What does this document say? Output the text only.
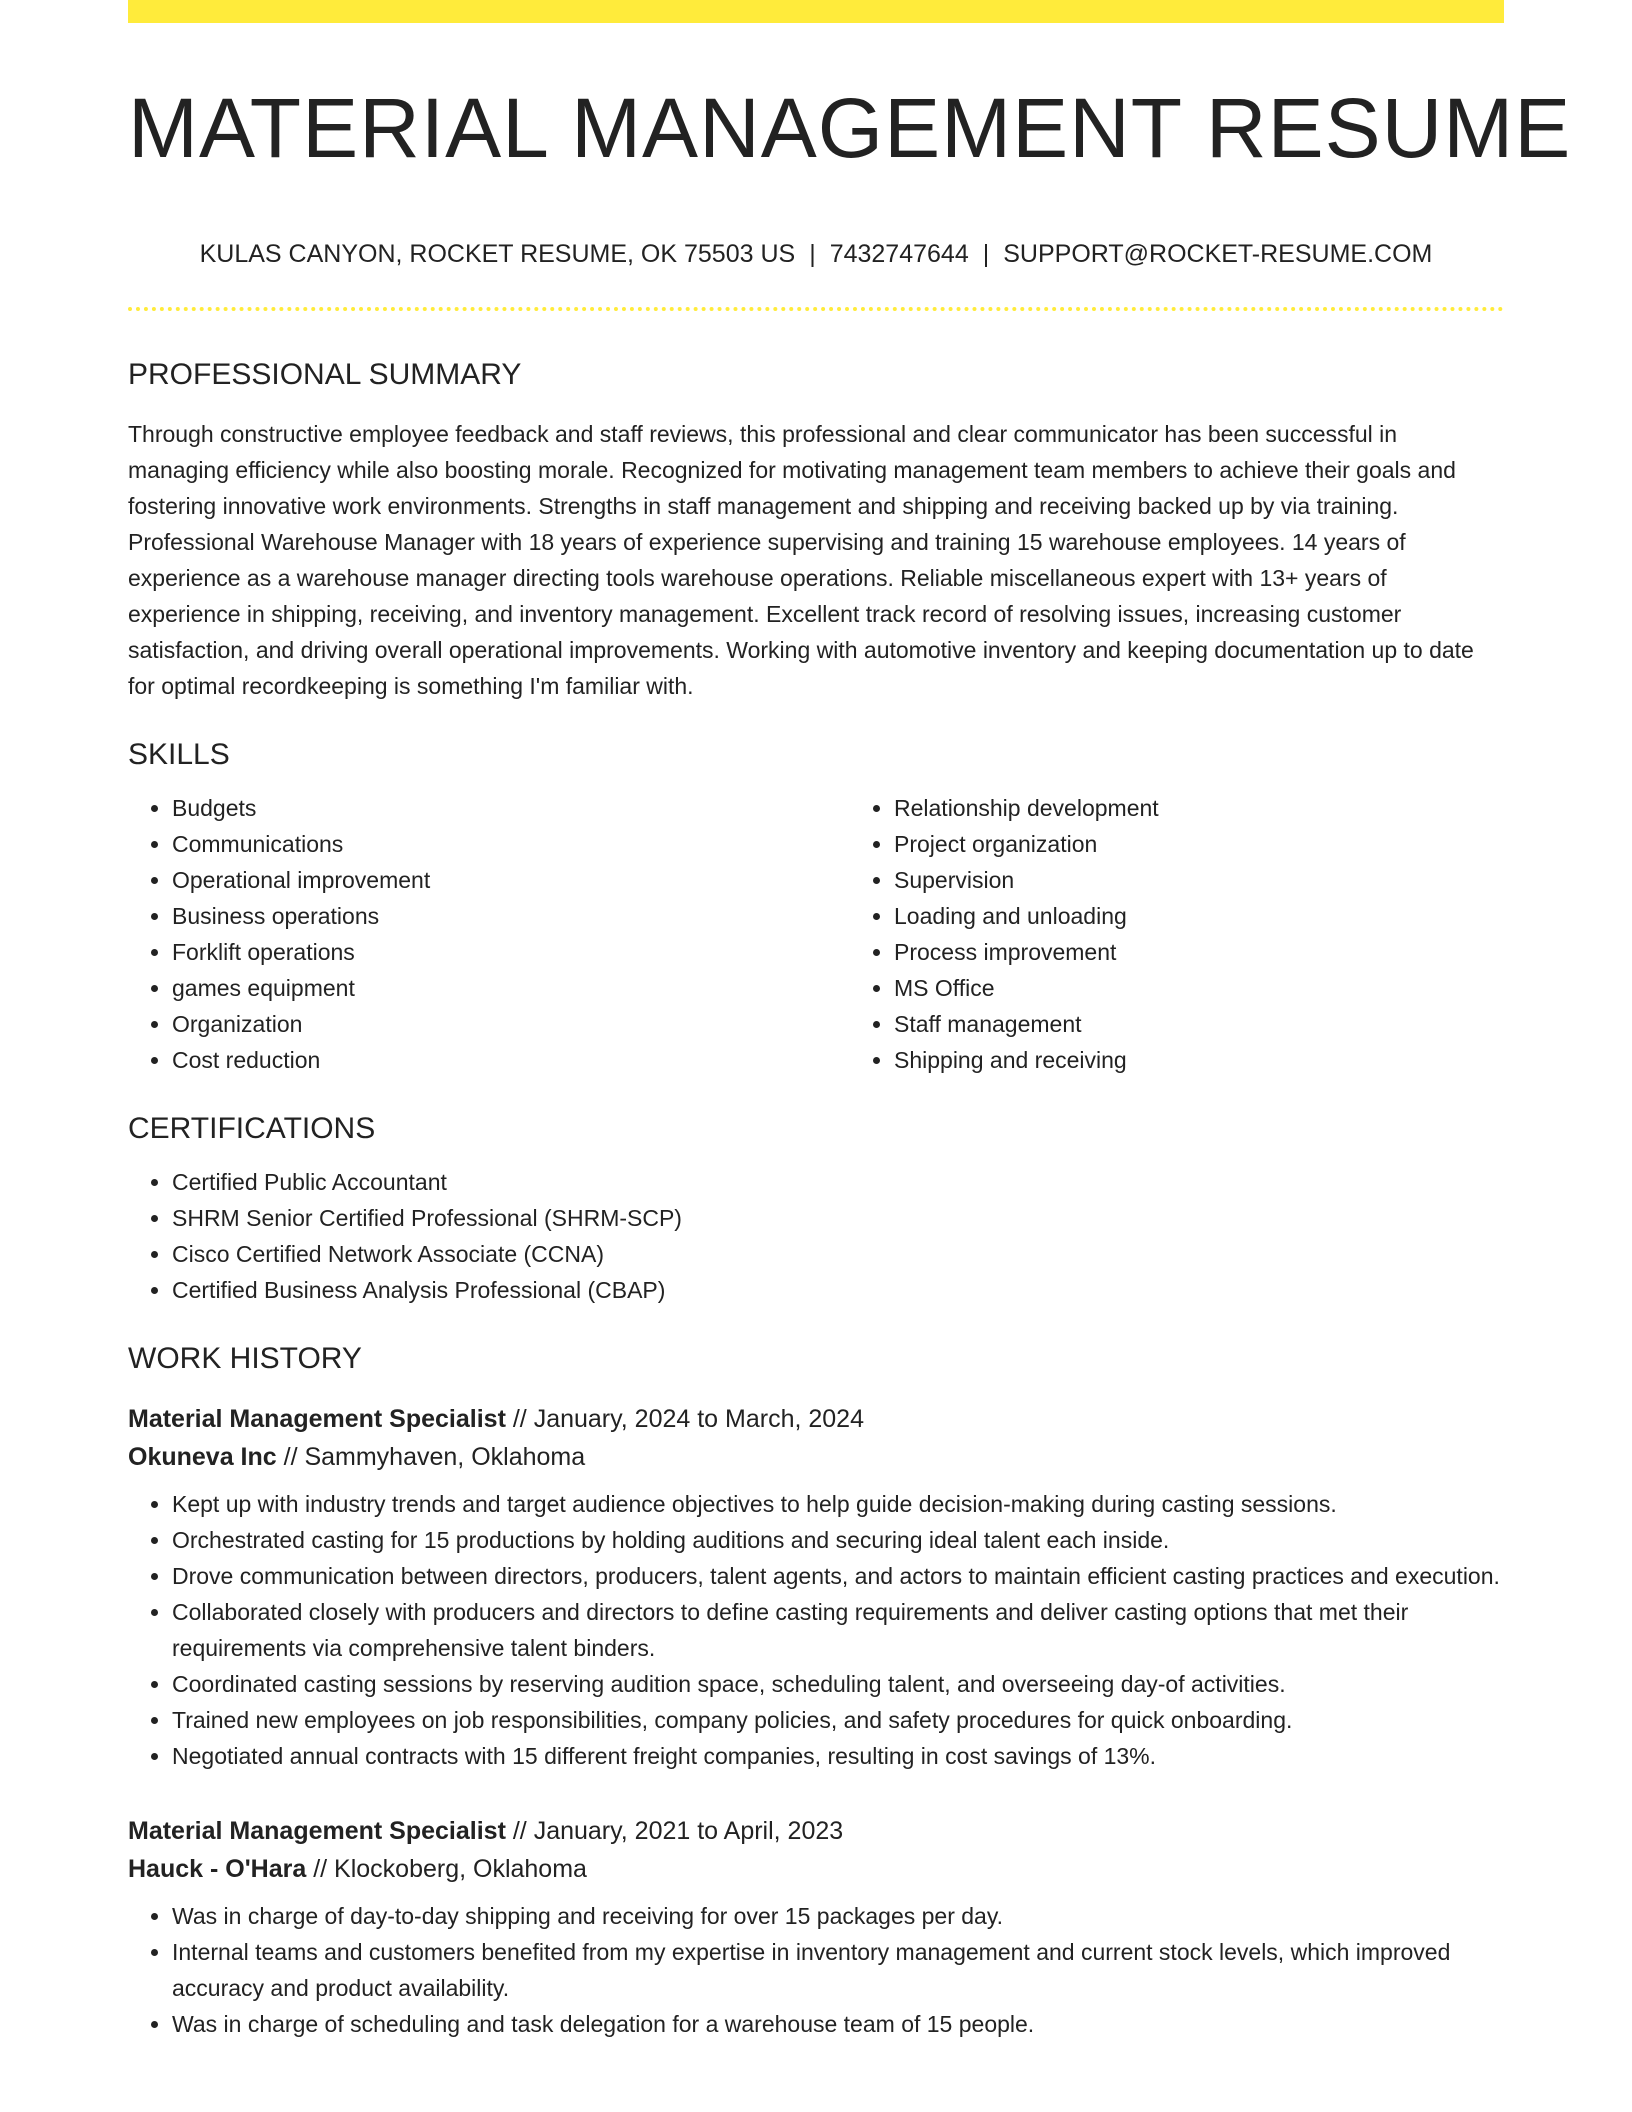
MATERIAL MANAGEMENT RESUME
KULAS CANYON, ROCKET RESUME, OK 75503 US | 7432747644 | SUPPORT@ROCKET-RESUME.COM
PROFESSIONAL SUMMARY

Through constructive employee feedback and staff reviews, this professional and clear communicator has been successful in managing efficiency while also boosting morale. Recognized for motivating management team members to achieve their goals and fostering innovative work environments. Strengths in staff management and shipping and receiving backed up by via training. Professional Warehouse Manager with 18 years of experience supervising and training 15 warehouse employees. 14 years of experience as a warehouse manager directing tools warehouse operations. Reliable miscellaneous expert with 13+ years of experience in shipping, receiving, and inventory management. Excellent track record of resolving issues, increasing customer satisfaction, and driving overall operational improvements. Working with automotive inventory and keeping documentation up to date for optimal recordkeeping is something I'm familiar with.

SKILLS
• Budgets
• Communications
• Operational improvement
• Business operations
• Forklift operations
• games equipment
• Organization
• Cost reduction
• Relationship development
• Project organization
• Supervision
• Loading and unloading
• Process improvement
• MS Office
• Staff management
• Shipping and receiving
CERTIFICATIONS
• Certified Public Accountant
• SHRM Senior Certified Professional (SHRM-SCP)
• Cisco Certified Network Associate (CCNA)
• Certified Business Analysis Professional (CBAP)
WORK HISTORY
Material Management Specialist // January, 2024 to March, 2024
Okuneva Inc // Sammyhaven, Oklahoma
• Kept up with industry trends and target audience objectives to help guide decision-making during casting sessions.
• Orchestrated casting for 15 productions by holding auditions and securing ideal talent each inside.
• Drove communication between directors, producers, talent agents, and actors to maintain efficient casting practices and execution.
• Collaborated closely with producers and directors to define casting requirements and deliver casting options that met their requirements via comprehensive talent binders.
• Coordinated casting sessions by reserving audition space, scheduling talent, and overseeing day-of activities.
• Trained new employees on job responsibilities, company policies, and safety procedures for quick onboarding.
• Negotiated annual contracts with 15 different freight companies, resulting in cost savings of 13%.
Material Management Specialist // January, 2021 to April, 2023
Hauck - O'Hara // Klockoberg, Oklahoma
• Was in charge of day-to-day shipping and receiving for over 15 packages per day.
• Internal teams and customers benefited from my expertise in inventory management and current stock levels, which improved accuracy and product availability.
• Was in charge of scheduling and task delegation for a warehouse team of 15 people.
